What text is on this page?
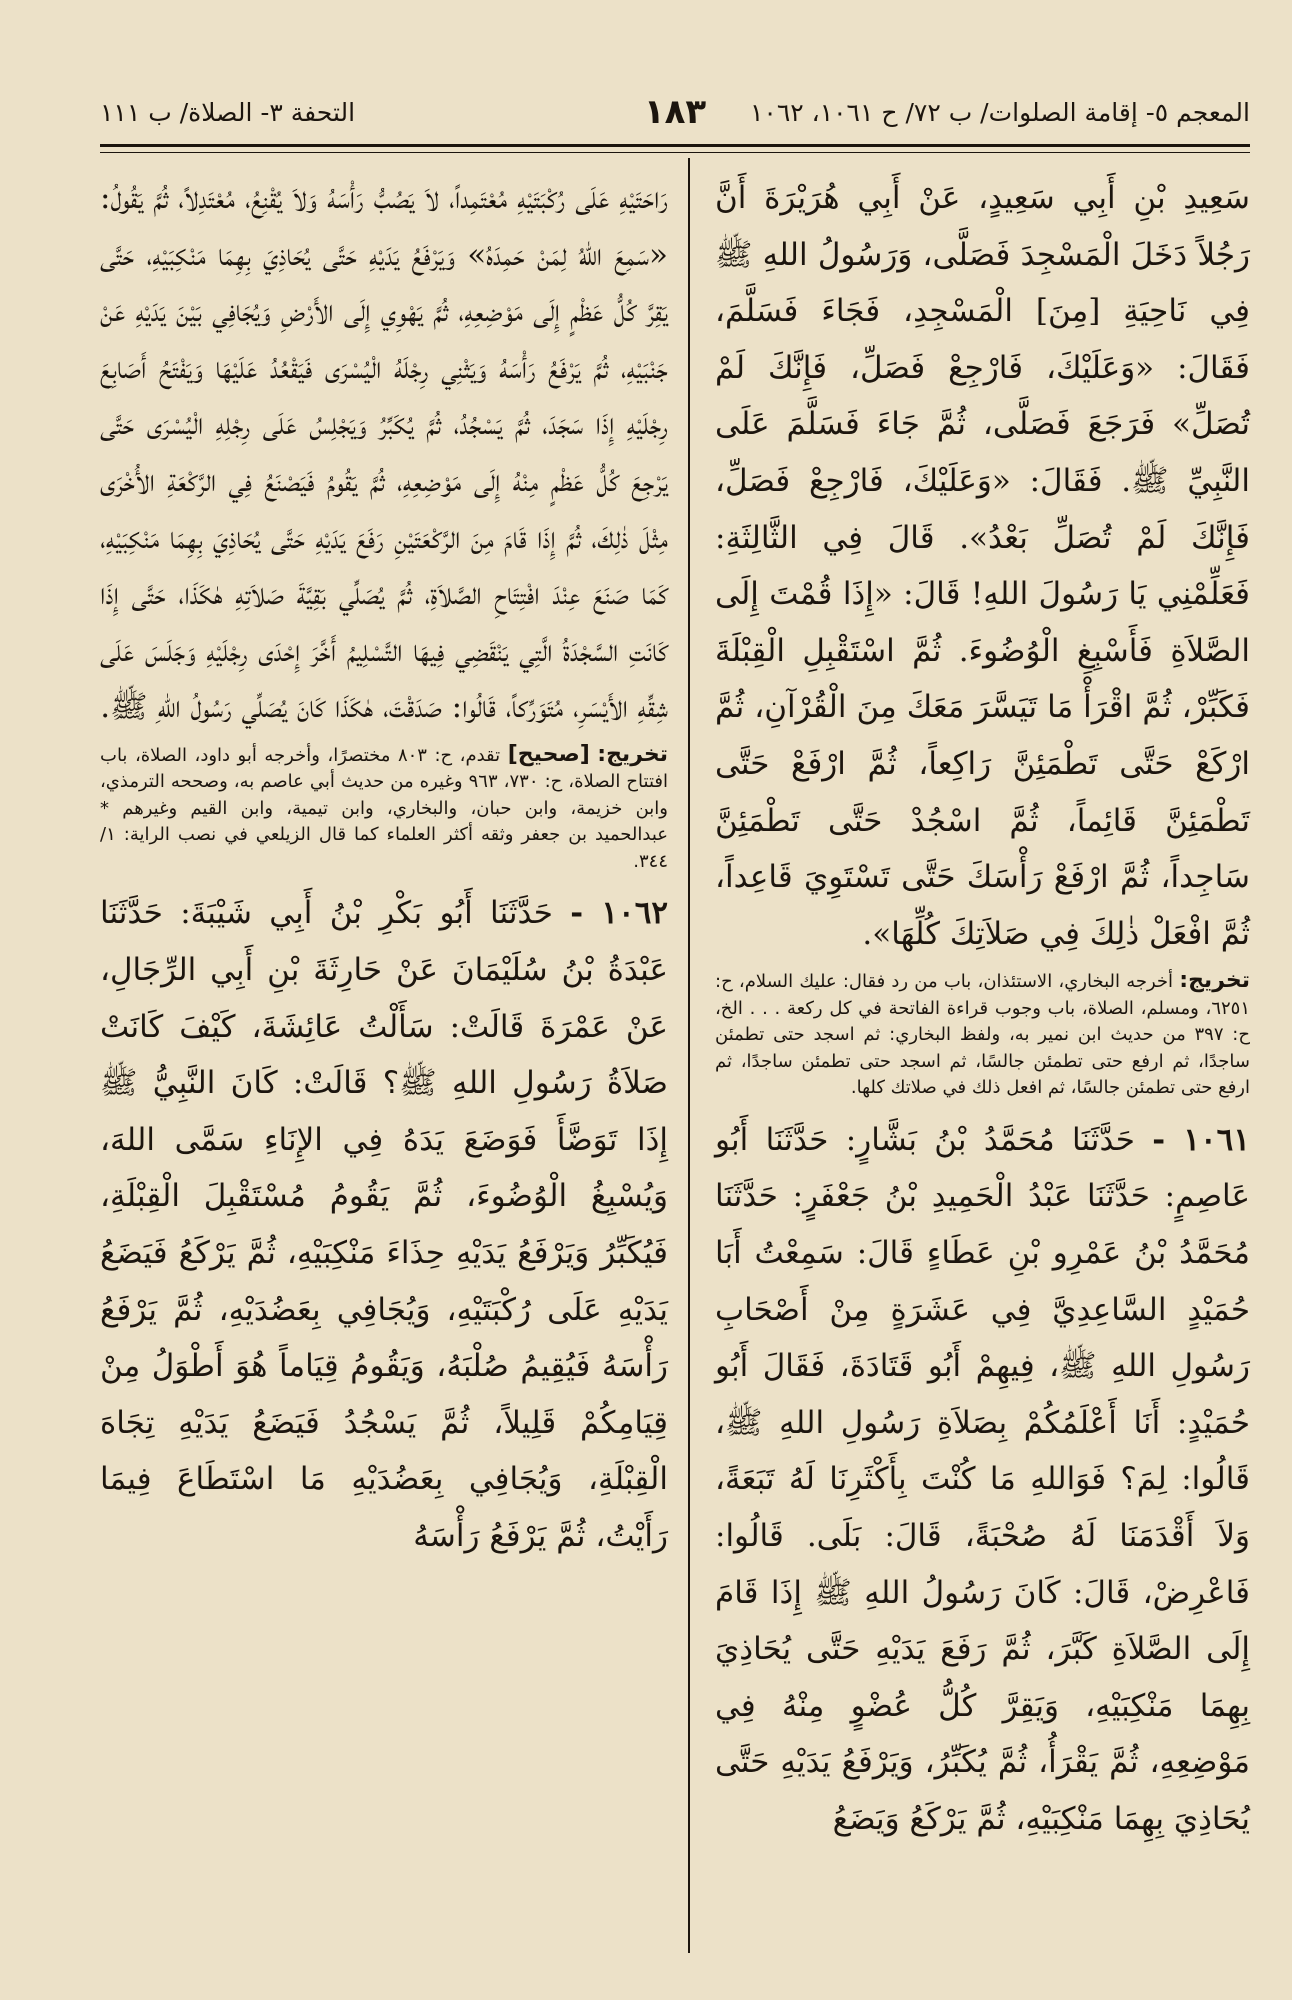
المعجم ٥- إقامة الصلوات/ ب ٧٢/ ح ١٠٦١، ١٠٦٢
١٨٣
التحفة ٣- الصلاة/ ب ١١١

سَعِيدِ بْنِ أَبِي سَعِيدٍ، عَنْ أَبِي هُرَيْرَةَ أَنَّ رَجُلاً دَخَلَ الْمَسْجِدَ فَصَلَّى، وَرَسُولُ اللهِ ﷺ فِي نَاحِيَةِ [مِنَ] الْمَسْجِدِ، فَجَاءَ فَسَلَّمَ، فَقَالَ: «وَعَلَيْكَ، فَارْجِعْ فَصَلِّ، فَإِنَّكَ لَمْ تُصَلِّ» فَرَجَعَ فَصَلَّى، ثُمَّ جَاءَ فَسَلَّمَ عَلَى النَّبِيِّ ﷺ. فَقَالَ: «وَعَلَيْكَ، فَارْجِعْ فَصَلِّ، فَإِنَّكَ لَمْ تُصَلِّ بَعْدُ». قَالَ فِي الثَّالِثَةِ: فَعَلِّمْنِي يَا رَسُولَ اللهِ! قَالَ: «إِذَا قُمْتَ إِلَى الصَّلاَةِ فَأَسْبِغِ الْوُضُوءَ. ثُمَّ اسْتَقْبِلِ الْقِبْلَةَ فَكَبِّرْ، ثُمَّ اقْرَأْ مَا تَيَسَّرَ مَعَكَ مِنَ الْقُرْآنِ، ثُمَّ ارْكَعْ حَتَّى تَطْمَئِنَّ رَاكِعاً، ثُمَّ ارْفَعْ حَتَّى تَطْمَئِنَّ قَائِماً، ثُمَّ اسْجُدْ حَتَّى تَطْمَئِنَّ سَاجِداً، ثُمَّ ارْفَعْ رَأْسَكَ حَتَّى تَسْتَوِيَ قَاعِداً، ثُمَّ افْعَلْ ذٰلِكَ فِي صَلاَتِكَ كُلِّهَا».

تخريج: أخرجه البخاري، الاستئذان، باب من رد فقال: عليك السلام، ح: ٦٢٥١، ومسلم، الصلاة، باب وجوب قراءة الفاتحة في كل ركعة . . . الخ، ح: ٣٩٧ من حديث ابن نمير به، ولفظ البخاري: ثم اسجد حتى تطمئن ساجدًا، ثم ارفع حتى تطمئن جالسًا، ثم اسجد حتى تطمئن ساجدًا، ثم ارفع حتى تطمئن جالسًا، ثم افعل ذلك في صلاتك كلها.

١٠٦١ - حَدَّثَنَا مُحَمَّدُ بْنُ بَشَّارٍ: حَدَّثَنَا أَبُو عَاصِمٍ: حَدَّثَنَا عَبْدُ الْحَمِيدِ بْنُ جَعْفَرٍ: حَدَّثَنَا مُحَمَّدُ بْنُ عَمْرِو بْنِ عَطَاءٍ قَالَ: سَمِعْتُ أَبَا حُمَيْدٍ السَّاعِدِيَّ فِي عَشَرَةٍ مِنْ أَصْحَابِ رَسُولِ اللهِ ﷺ، فِيهِمْ أَبُو قَتَادَةَ، فَقَالَ أَبُو حُمَيْدٍ: أَنَا أَعْلَمُكُمْ بِصَلاَةِ رَسُولِ اللهِ ﷺ، قَالُوا: لِمَ؟ فَوَاللهِ مَا كُنْتَ بِأَكْثَرِنَا لَهُ تَبَعَةً، وَلاَ أَقْدَمَنَا لَهُ صُحْبَةً، قَالَ: بَلَى. قَالُوا: فَاعْرِضْ، قَالَ: كَانَ رَسُولُ اللهِ ﷺ إِذَا قَامَ إِلَى الصَّلاَةِ كَبَّرَ، ثُمَّ رَفَعَ يَدَيْهِ حَتَّى يُحَاذِيَ بِهِمَا مَنْكِبَيْهِ، وَيَقِرَّ كُلُّ عُضْوٍ مِنْهُ فِي مَوْضِعِهِ، ثُمَّ يَقْرَأُ، ثُمَّ يُكَبِّرُ، وَيَرْفَعُ يَدَيْهِ حَتَّى يُحَاذِيَ بِهِمَا مَنْكِبَيْهِ، ثُمَّ يَرْكَعُ وَيَضَعُ

رَاحَتَيْهِ عَلَى رُكْبَتَيْهِ مُعْتَمِداً، لاَ يَصُبُّ رَأْسَهُ وَلاَ يُقْنِعُ، مُعْتَدِلاً، ثُمَّ يَقُولُ: «سَمِعَ اللهُ لِمَنْ حَمِدَهُ» وَيَرْفَعُ يَدَيْهِ حَتَّى يُحَاذِيَ بِهِمَا مَنْكِبَيْهِ، حَتَّى يَقِرَّ كُلُّ عَظْمٍ إِلَى مَوْضِعِهِ، ثُمَّ يَهْوِي إِلَى الأَرْضِ وَيُجَافِي بَيْنَ يَدَيْهِ عَنْ جَنْبَيْهِ، ثُمَّ يَرْفَعُ رَأْسَهُ وَيَثْنِي رِجْلَهُ الْيُسْرَى فَيَقْعُدُ عَلَيْهَا وَيَفْتَحُ أَصَابِعَ رِجْلَيْهِ إِذَا سَجَدَ، ثُمَّ يَسْجُدُ، ثُمَّ يُكَبِّرُ وَيَجْلِسُ عَلَى رِجْلِهِ الْيُسْرَى حَتَّى يَرْجِعَ كُلُّ عَظْمٍ مِنْهُ إِلَى مَوْضِعِهِ، ثُمَّ يَقُومُ فَيَصْنَعُ فِي الرَّكْعَةِ الأُخْرَى مِثْلَ ذٰلِكَ، ثُمَّ إِذَا قَامَ مِنَ الرَّكْعَتَيْنِ رَفَعَ يَدَيْهِ حَتَّى يُحَاذِيَ بِهِمَا مَنْكِبَيْهِ، كَمَا صَنَعَ عِنْدَ افْتِتَاحِ الصَّلاَةِ، ثُمَّ يُصَلِّي بَقِيَّةَ صَلاَتِهِ هٰكَذَا، حَتَّى إِذَا كَانَتِ السَّجْدَةُ الَّتِي يَنْقَضِي فِيهَا التَّسْلِيمُ أَخَّرَ إِحْدَى رِجْلَيْهِ وَجَلَسَ عَلَى شِقِّهِ الأَيْسَرِ، مُتَوَرِّكاً، قَالُوا: صَدَقْتَ، هٰكَذَا كَانَ يُصَلِّي رَسُولُ اللهِ ﷺ.

تخريج: [صحيح] تقدم، ح: ٨٠٣ مختصرًا، وأخرجه أبو داود، الصلاة، باب افتتاح الصلاة، ح: ٧٣٠، ٩٦٣ وغيره من حديث أبي عاصم به، وصححه الترمذي، وابن خزيمة، وابن حبان، والبخاري، وابن تيمية، وابن القيم وغيرهم * عبدالحميد بن جعفر وثقه أكثر العلماء كما قال الزيلعي في نصب الراية: ١/ ٣٤٤.

١٠٦٢ - حَدَّثَنَا أَبُو بَكْرِ بْنُ أَبِي شَيْبَةَ: حَدَّثَنَا عَبْدَةُ بْنُ سُلَيْمَانَ عَنْ حَارِثَةَ بْنِ أَبِي الرِّجَالِ، عَنْ عَمْرَةَ قَالَتْ: سَأَلْتُ عَائِشَةَ، كَيْفَ كَانَتْ صَلاَةُ رَسُولِ اللهِ ﷺ؟ قَالَتْ: كَانَ النَّبِيُّ ﷺ إِذَا تَوَضَّأَ فَوَضَعَ يَدَهُ فِي الإِنَاءِ سَمَّى اللهَ، وَيُسْبِغُ الْوُضُوءَ، ثُمَّ يَقُومُ مُسْتَقْبِلَ الْقِبْلَةِ، فَيُكَبِّرُ وَيَرْفَعُ يَدَيْهِ حِذَاءَ مَنْكِبَيْهِ، ثُمَّ يَرْكَعُ فَيَضَعُ يَدَيْهِ عَلَى رُكْبَتَيْهِ، وَيُجَافِي بِعَضُدَيْهِ، ثُمَّ يَرْفَعُ رَأْسَهُ فَيُقِيمُ صُلْبَهُ، وَيَقُومُ قِيَاماً هُوَ أَطْوَلُ مِنْ قِيَامِكُمْ قَلِيلاً، ثُمَّ يَسْجُدُ فَيَضَعُ يَدَيْهِ تِجَاهَ الْقِبْلَةِ، وَيُجَافِي بِعَضُدَيْهِ مَا اسْتَطَاعَ فِيمَا رَأَيْتُ، ثُمَّ يَرْفَعُ رَأْسَهُ
